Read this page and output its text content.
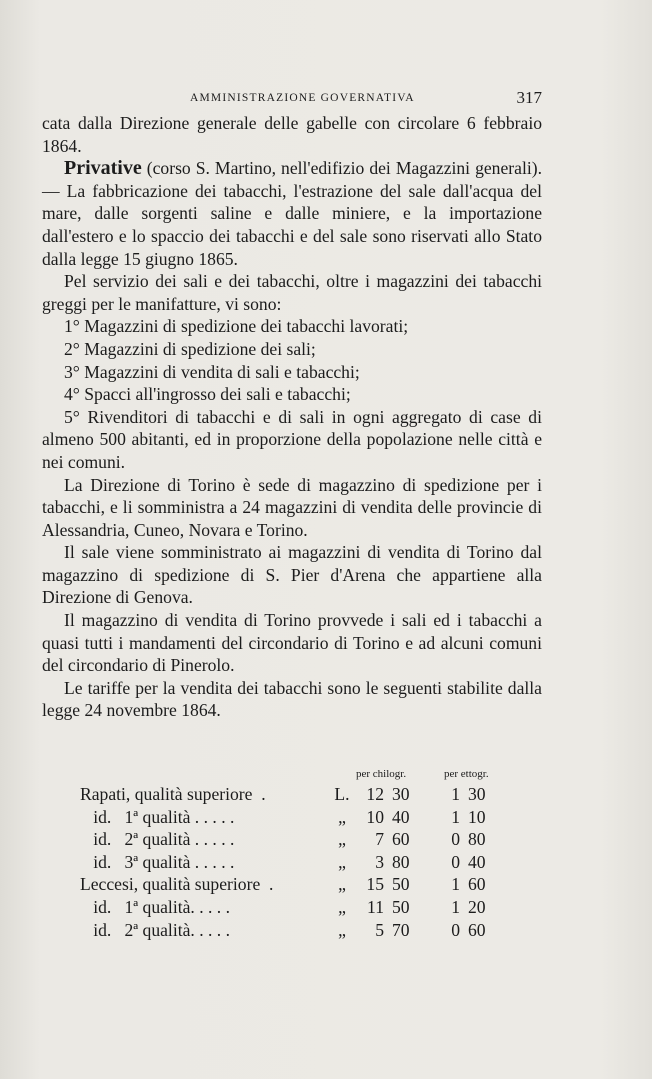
AMMINISTRAZIONE GOVERNATIVA	317

cata dalla Direzione generale delle gabelle con circolare 6 febbraio 1864.

Privative (corso S. Martino, nell'edifizio dei Magazzini generali). — La fabbricazione dei tabacchi, l'estrazione del sale dall'acqua del mare, dalle sorgenti saline e dalle miniere, e la importazione dall'estero e lo spaccio dei tabacchi e del sale sono riservati allo Stato dalla legge 15 giugno 1865.

Pel servizio dei sali e dei tabacchi, oltre i magazzini dei tabacchi greggi per le manifatture, vi sono:

1° Magazzini di spedizione dei tabacchi lavorati;

2° Magazzini di spedizione dei sali;

3° Magazzini di vendita di sali e tabacchi;

4° Spacci all'ingrosso dei sali e tabacchi;

5° Rivenditori di tabacchi e di sali in ogni aggregato di case di almeno 500 abitanti, ed in proporzione della popolazione nelle città e nei comuni.

La Direzione di Torino è sede di magazzino di spedizione per i tabacchi, e li somministra a 24 magazzini di vendita delle provincie di Alessandria, Cuneo, Novara e Torino.

Il sale viene somministrato ai magazzini di vendita di Torino dal magazzino di spedizione di S. Pier d'Arena che appartiene alla Direzione di Genova.

Il magazzino di vendita di Torino provvede i sali ed i tabacchi a quasi tutti i mandamenti del circondario di Torino e ad alcuni comuni del circondario di Pinerolo.

Le tariffe per la vendita dei tabacchi sono le seguenti stabilite dalla legge 24 novembre 1864.

per chilogr.	per ettogr.
Rapati, qualità superiore  .	L. 12 30	1 30
id.   1ª qualità . . . . .	„	10 40	1 10
id.   2ª qualità . . . . .	„	7 60	0 80
id.   3ª qualità . . . . .	„	3 80	0 40
Leccesi, qualità superiore  .	„	15 50	1 60
id.   1ª qualità. . . . .	„	11 50	1 20
id.   2ª qualità. . . . .	„	5 70	0 60
